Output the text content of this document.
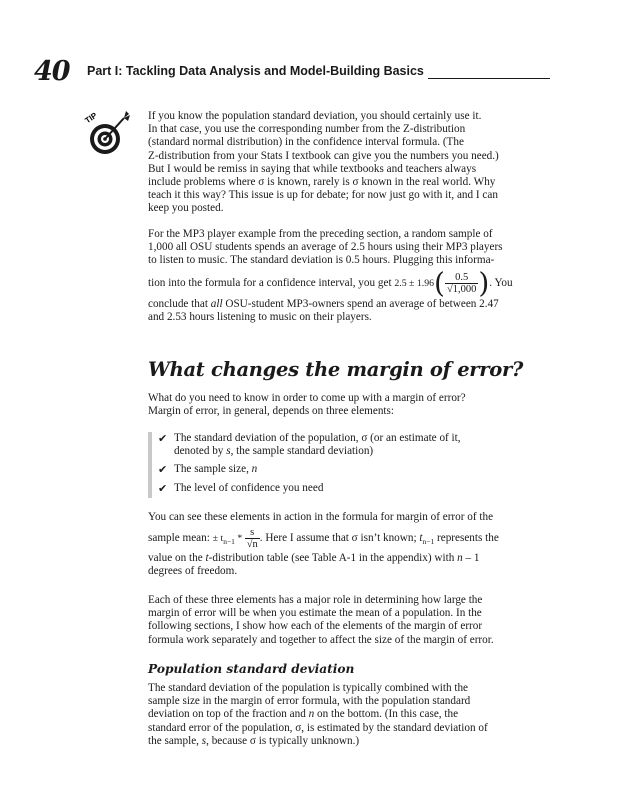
40 Part I: Tackling Data Analysis and Model-Building Basics
TIP	If you know the population standard deviation, you should certainly use it.

In that case, you use the corresponding number from the Z-distribution

(standard normal distribution) in the confidence interval formula. (The

Z-distribution from your Stats I textbook can give you the numbers you need.)

But I would be remiss in saying that while textbooks and teachers always

include problems where σ is known, rarely is σ known in the real world. Why

teach it this way? This issue is up for debate; for now just go with it, and I can

keep you posted.

For the MP3 player example from the preceding section, a random sample of

1,000 all OSU students spends an average of 2.5 hours using their MP3 players

to listen to music. The standard deviation is 0.5 hours. Plugging this informa-

tion into the formula for a confidence interval, you get $2.5 \pm 1.96( \frac{0.5}{√1,000}$ ). You

conclude that all OSU-student MP3-owners spend an average of between 2.47

and 2.53 hours listening to music on their players.

What changes the margin of error?

What do you need to know in order to come up with a margin of error?

Margin of error, in general, depends on three elements:

✔ The standard deviation of the population, σ (or an estimate of it,
denoted by s, the sample standard deviation)
✔ The sample size, n
✔ The level of confidence you need

You can see these elements in action in the formula for margin of error of the

sample mean: ± $t_{n-1} * \frac{s}{√n}$ . Here I assume that σ isn’t known; $t_{n-1}$ represents the

value on the t-distribution table (see Table A-1 in the appendix) with n – 1

degrees of freedom.

Each of these three elements has a major role in determining how large the

margin of error will be when you estimate the mean of a population. In the

following sections, I show how each of the elements of the margin of error

formula work separately and together to affect the size of the margin of error.

Population standard deviation

The standard deviation of the population is typically combined with the

sample size in the margin of error formula, with the population standard

deviation on top of the fraction and n on the bottom. (In this case, the

standard error of the population, σ, is estimated by the standard deviation of

the sample, s, because σ is typically unknown.)
